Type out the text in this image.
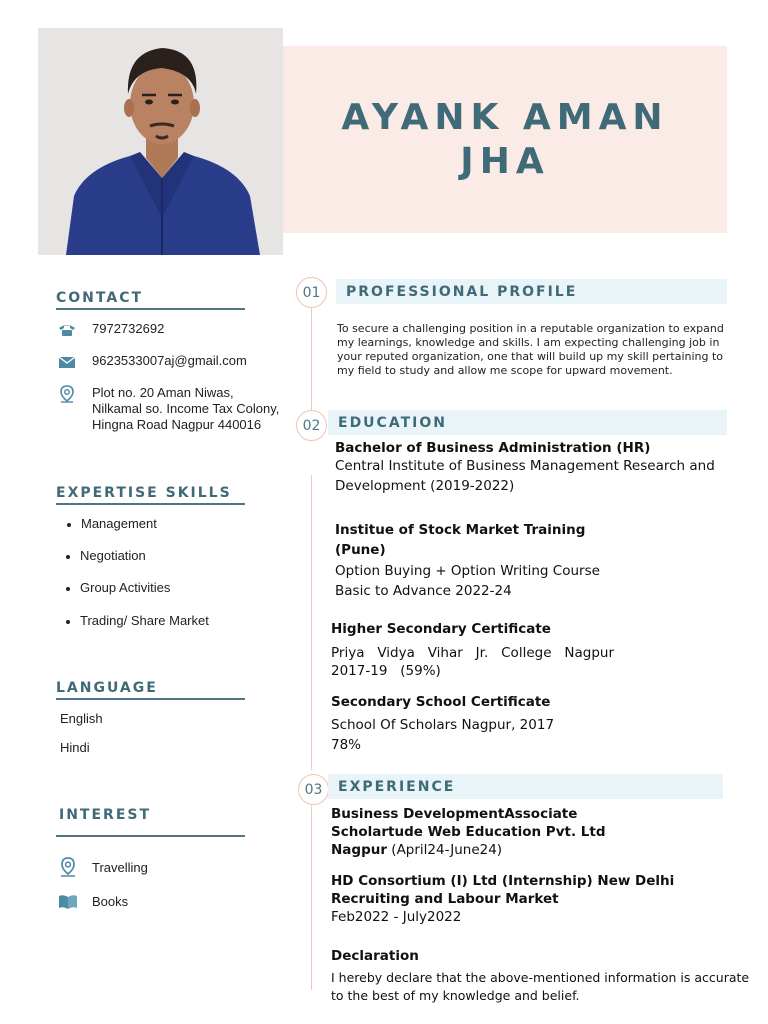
AYANK AMAN
JHA
CONTACT
7972732692
9623533007aj@gmail.com
Plot no. 20 Aman Niwas,
Nilkamal so. Income Tax Colony,
Hingna Road Nagpur 440016
EXPERTISE SKILLS
Management
Negotiation
Group Activities
Trading/ Share Market
LANGUAGE
English
Hindi
INTEREST
Travelling
Books
01	PROFESSIONAL PROFILE
To secure a challenging position in a reputable organization to expand my learnings, knowledge and skills. I am expecting challenging job in your reputed organization, one that will build up my skill pertaining to my field to study and allow me scope for upward movement.
02	EDUCATION
Bachelor of Business Administration (HR)
Central Institute of Business Management Research and
Development (2019-2022)
Institue of Stock Market Training
(Pune)
Option Buying + Option Writing Course
Basic to Advance 2022-24
Higher Secondary Certificate
Priya   Vidya   Vihar   Jr.   College   Nagpur
2017-19   (59%)
Secondary School Certificate
School Of Scholars Nagpur, 2017
78%
03	EXPERIENCE
Business DevelopmentAssociate
Scholartude Web Education Pvt. Ltd
Nagpur (April24-June24)
HD Consortium (I) Ltd (Internship) New Delhi
Recruiting and Labour Market
Feb2022 - July2022
Declaration
I hereby declare that the above-mentioned information is accurate
to the best of my knowledge and belief.
